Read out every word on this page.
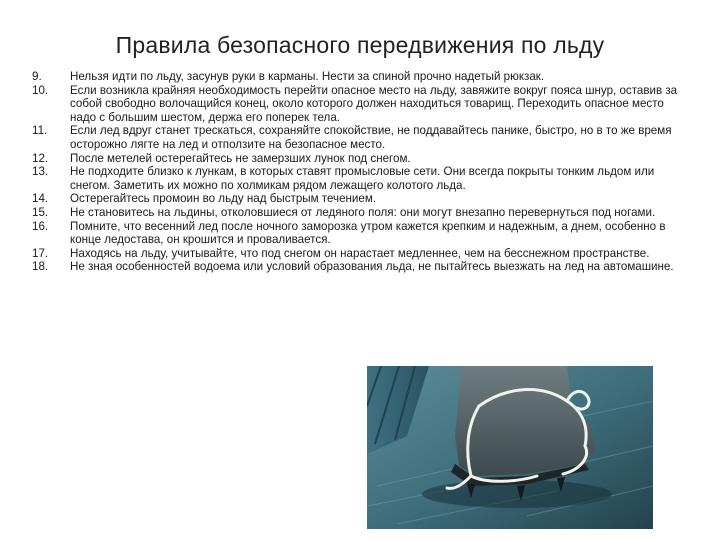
Правила безопасного передвижения по льду
9.	Нельзя идти по льду, засунув руки в карманы. Нести за спиной прочно надетый рюкзак.
10.	Если возникла крайняя необходимость перейти опасное место на льду, завяжите вокруг пояса шнур, оставив за собой свободно волочащийся конец, около которого должен находиться товарищ. Переходить опасное место надо с большим шестом, держа его поперек тела.
11.	Если лед вдруг станет трескаться, сохраняйте спокойствие, не поддавайтесь панике, быстро, но в то же время осторожно лягте на лед и отползите на безопасное место.
12.	После метелей остерегайтесь не замерзших лунок под снегом.
13.	Не подходите близко к лункам, в которых ставят промысловые сети. Они всегда покрыты тонким льдом или снегом. Заметить их можно по холмикам рядом лежащего колотого льда.
14.	Остерегайтесь промоин во льду над быстрым течением.
15.	Не становитесь на льдины, отколовшиеся от ледяного поля: они могут внезапно перевернуться под ногами.
16.	Помните, что весенний лед после ночного заморозка утром кажется крепким и надежным, а днем, особенно в конце ледостава, он крошится и проваливается.
17.	Находясь на льду, учитывайте, что под снегом он нарастает медленнее, чем на бесснежном пространстве.
18.	Не зная особенностей водоема или условий образования льда, не пытайтесь выезжать на лед на автомашине.
